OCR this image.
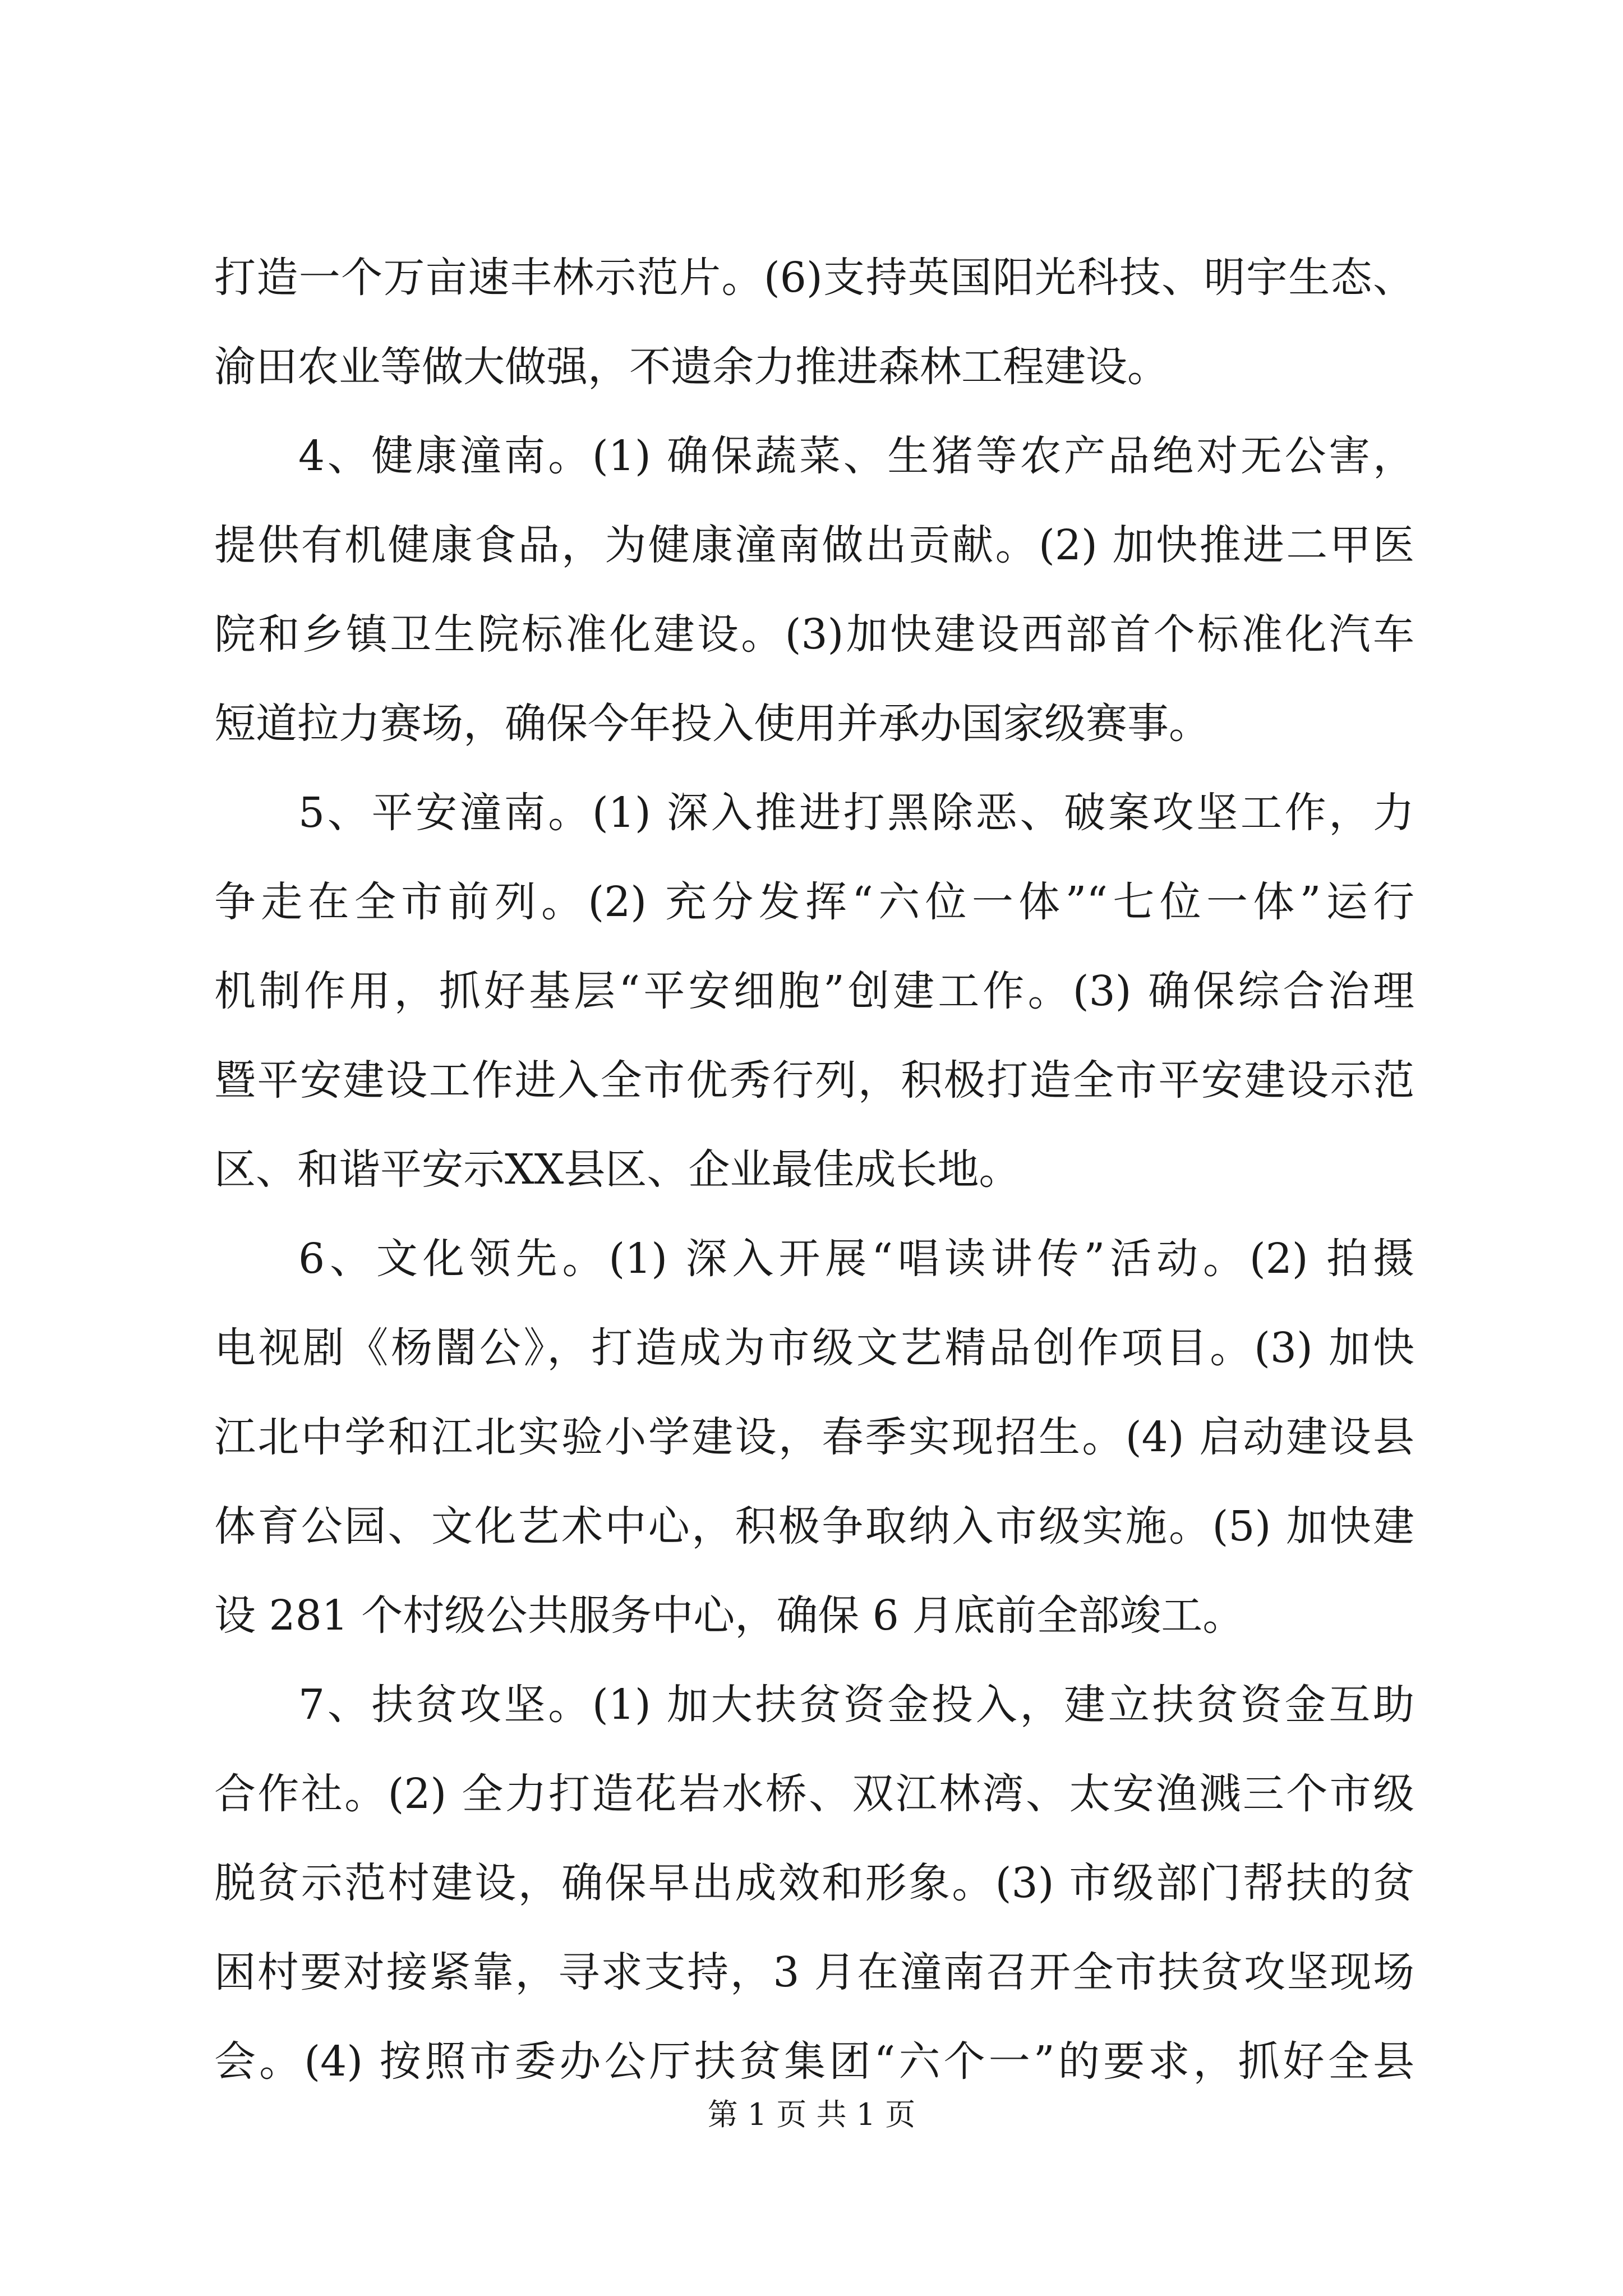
打造一个万亩速丰林示范片。(6)支持英国阳光科技、明宇生态、

渝田农业等做大做强，不遗余力推进森林工程建设。

4、健康潼南。(1) 确保蔬菜、生猪等农产品绝对无公害，

提供有机健康食品，为健康潼南做出贡献。(2) 加快推进二甲医

院和乡镇卫生院标准化建设。(3)加快建设西部首个标准化汽车

短道拉力赛场，确保今年投入使用并承办国家级赛事。

5、平安潼南。(1) 深入推进打黑除恶、破案攻坚工作，力

争走在全市前列。(2) 充分发挥“六位一体”“七位一体”运行

机制作用，抓好基层“平安细胞”创建工作。(3) 确保综合治理

暨平安建设工作进入全市优秀行列，积极打造全市平安建设示范

区、和谐平安示XX县区、企业最佳成长地。

6、文化领先。(1) 深入开展“唱读讲传”活动。(2) 拍摄

电视剧《杨闇公》，打造成为市级文艺精品创作项目。(3) 加快

江北中学和江北实验小学建设，春季实现招生。(4) 启动建设县

体育公园、文化艺术中心，积极争取纳入市级实施。(5) 加快建

设 281 个村级公共服务中心，确保 6 月底前全部竣工。

7、扶贫攻坚。(1) 加大扶贫资金投入，建立扶贫资金互助

合作社。(2) 全力打造花岩水桥、双江林湾、太安渔溅三个市级

脱贫示范村建设，确保早出成效和形象。(3) 市级部门帮扶的贫

困村要对接紧靠，寻求支持，3 月在潼南召开全市扶贫攻坚现场

会。(4) 按照市委办公厅扶贫集团“六个一”的要求，抓好全县

第 1 页 共 1 页
